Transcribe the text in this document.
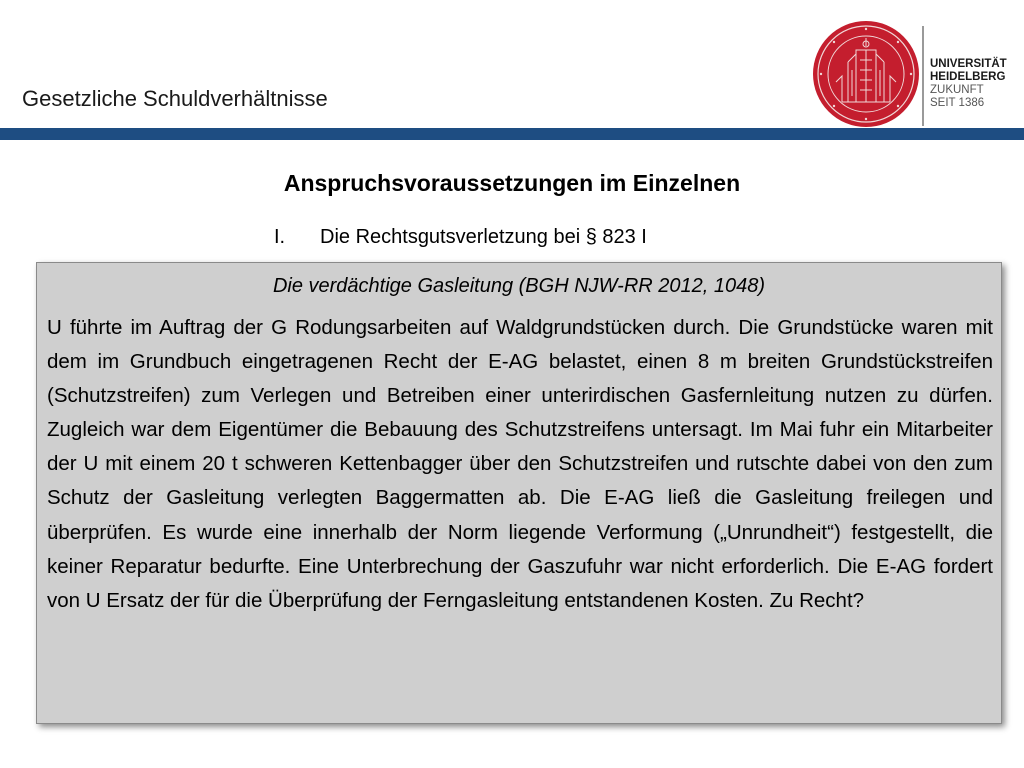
Gesetzliche Schuldverhältnisse
UNIVERSITÄT
HEIDELBERG
ZUKUNFT
SEIT 1386
Anspruchsvoraussetzungen im Einzelnen
I. Die Rechtsgutsverletzung bei § 823 I
Die verdächtige Gasleitung (BGH NJW-RR 2012, 1048)

U führte im Auftrag der G Rodungsarbeiten auf Waldgrundstücken durch. Die Grundstücke waren mit dem im Grundbuch eingetragenen Recht der E-AG belastet, einen 8 m breiten Grundstückstreifen (Schutzstreifen) zum Verlegen und Betreiben einer unterirdischen Gasfernleitung nutzen zu dürfen. Zugleich war dem Eigentümer die Bebauung des Schutzstreifens untersagt. Im Mai fuhr ein Mitarbeiter der U mit einem 20 t schweren Kettenbagger über den Schutzstreifen und rutschte dabei von den zum Schutz der Gasleitung verlegten Baggermatten ab. Die E-AG ließ die Gasleitung freilegen und überprüfen. Es wurde eine innerhalb der Norm liegende Verformung („Unrundheit“) festgestellt, die keiner Reparatur bedurfte. Eine Unterbrechung der Gaszufuhr war nicht erforderlich. Die E-AG fordert von U Ersatz der für die Überprüfung der Ferngasleitung entstandenen Kosten. Zu Recht?
